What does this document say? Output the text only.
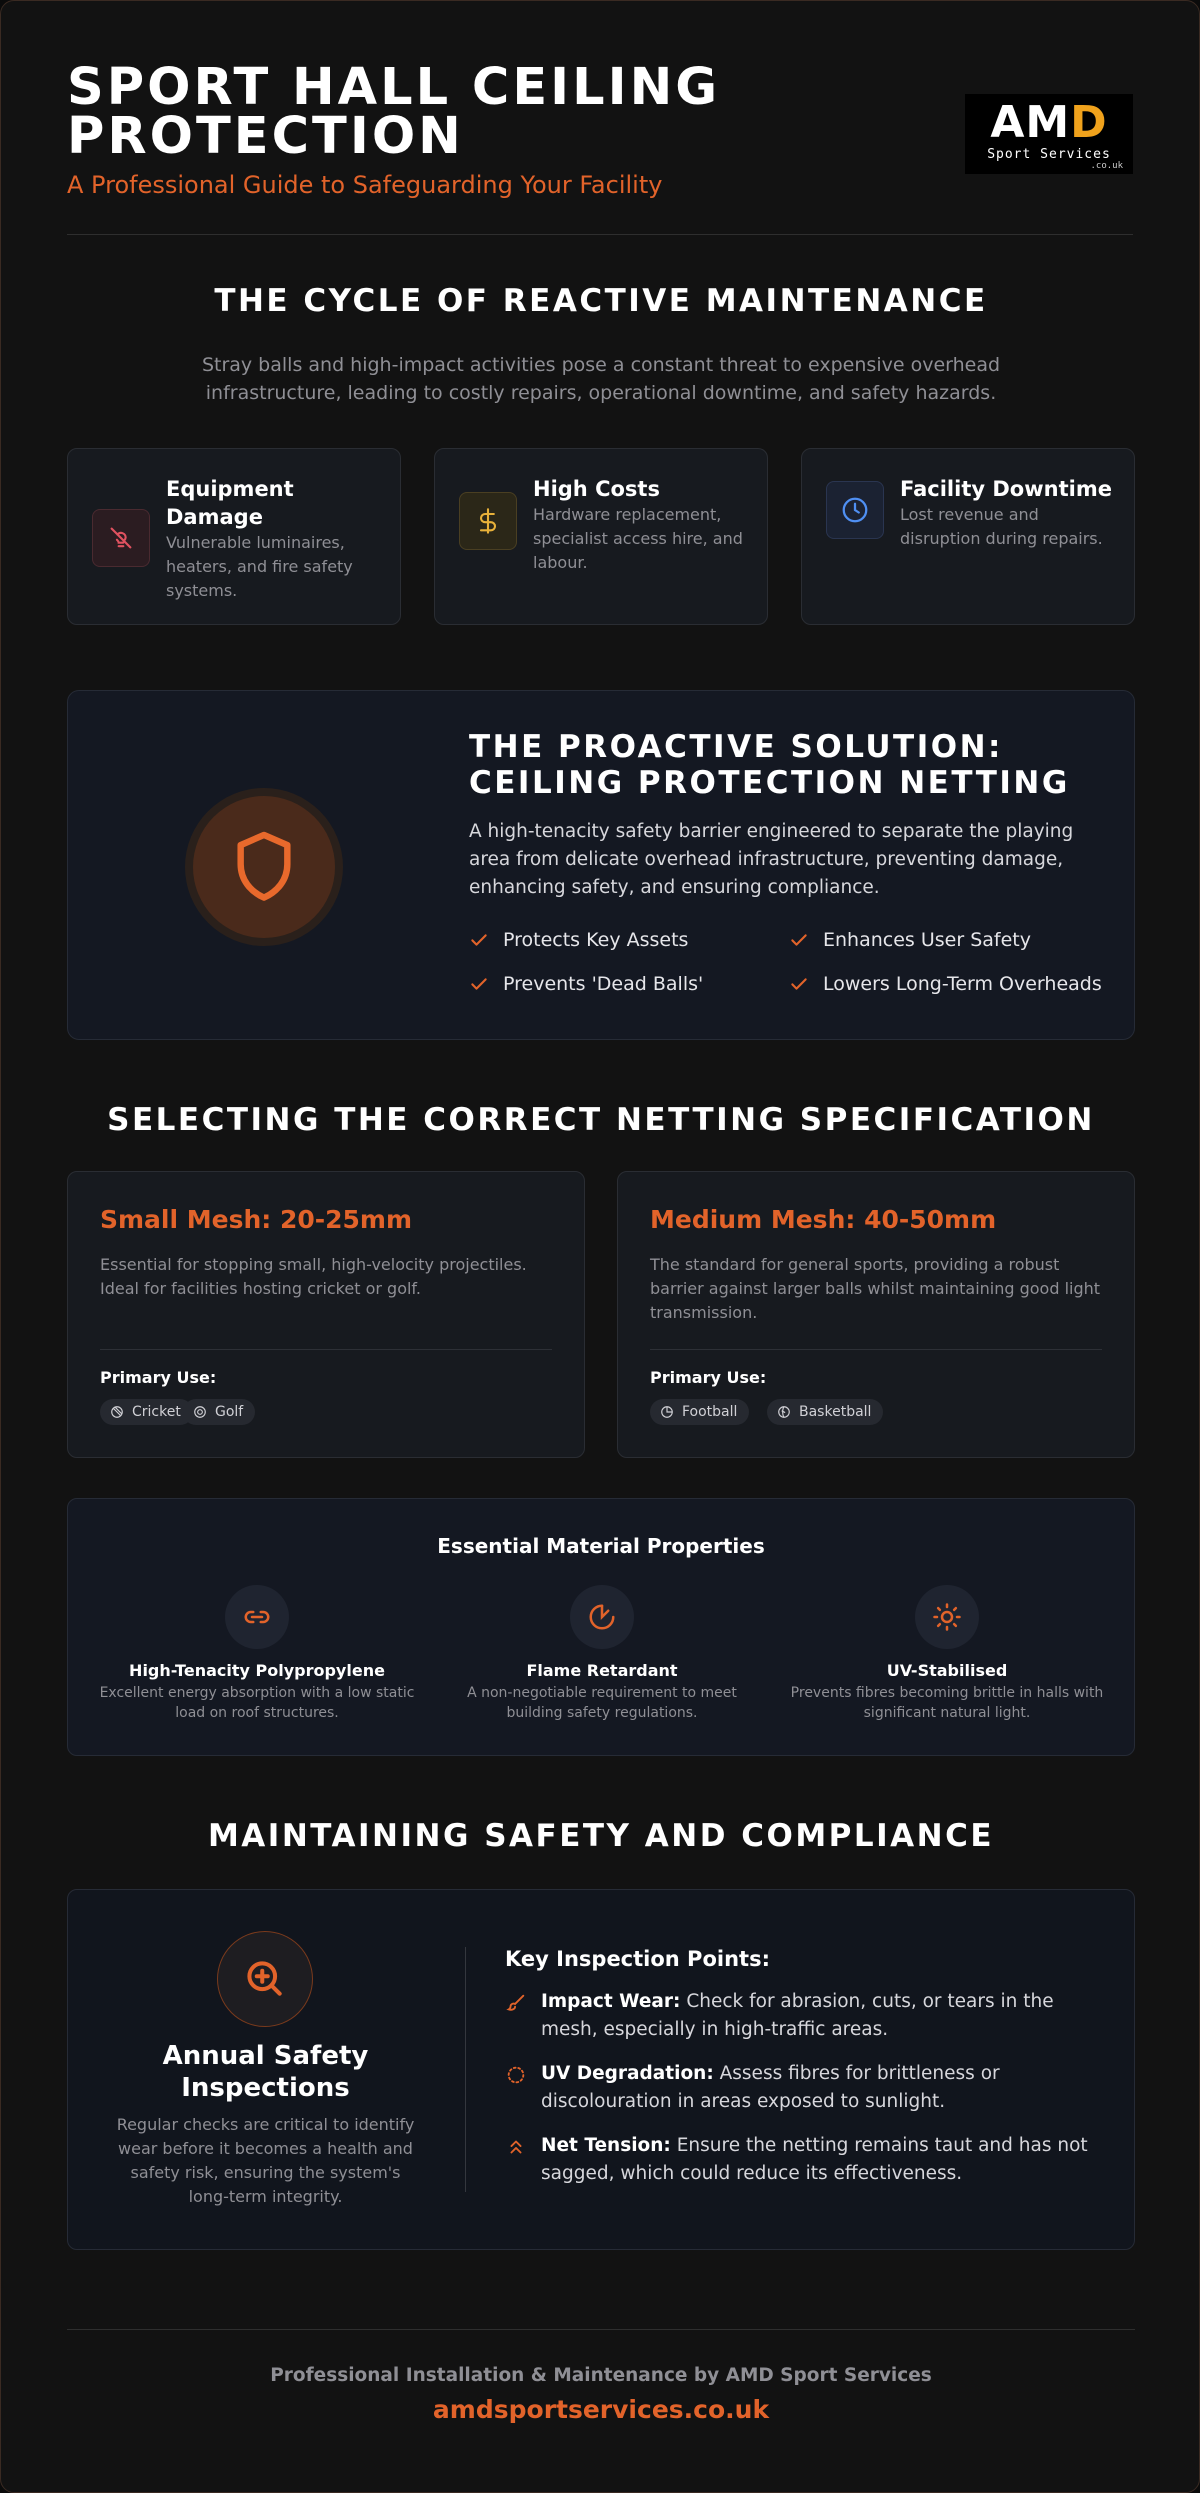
SPORT HALL CEILING PROTECTION
A Professional Guide to Safeguarding Your Facility
AMD
Sport Services
.co.uk
THE CYCLE OF REACTIVE MAINTENANCE
Stray balls and high-impact activities pose a constant threat to expensive overhead infrastructure, leading to costly repairs, operational downtime, and safety hazards.
Equipment Damage
Vulnerable luminaires, heaters, and fire safety systems.
High Costs
Hardware replacement, specialist access hire, and labour.
Facility Downtime
Lost revenue and disruption during repairs.
THE PROACTIVE SOLUTION: CEILING PROTECTION NETTING
A high-tenacity safety barrier engineered to separate the playing area from delicate overhead infrastructure, preventing damage, enhancing safety, and ensuring compliance.
Protects Key Assets	Enhances User Safety
Prevents 'Dead Balls'	Lowers Long-Term Overheads
SELECTING THE CORRECT NETTING SPECIFICATION
Small Mesh: 20-25mm
Essential for stopping small, high-velocity projectiles. Ideal for facilities hosting cricket or golf.
Primary Use:
Cricket Golf
Medium Mesh: 40-50mm
The standard for general sports, providing a robust barrier against larger balls whilst maintaining good light transmission.
Primary Use:
Football	Basketball
Essential Material Properties
High-Tenacity Polypropylene
Excellent energy absorption with a low static load on roof structures.
Flame Retardant
A non-negotiable requirement to meet building safety regulations.
UV-Stabilised
Prevents fibres becoming brittle in halls with significant natural light.
MAINTAINING SAFETY AND COMPLIANCE
Annual Safety Inspections
Regular checks are critical to identify wear before it becomes a health and safety risk, ensuring the system's long-term integrity.
Key Inspection Points:
Impact Wear: Check for abrasion, cuts, or tears in the mesh, especially in high-traffic areas.
UV Degradation: Assess fibres for brittleness or discolouration in areas exposed to sunlight.
Net Tension: Ensure the netting remains taut and has not sagged, which could reduce its effectiveness.
Professional Installation & Maintenance by AMD Sport Services
amdsportservices.co.uk
